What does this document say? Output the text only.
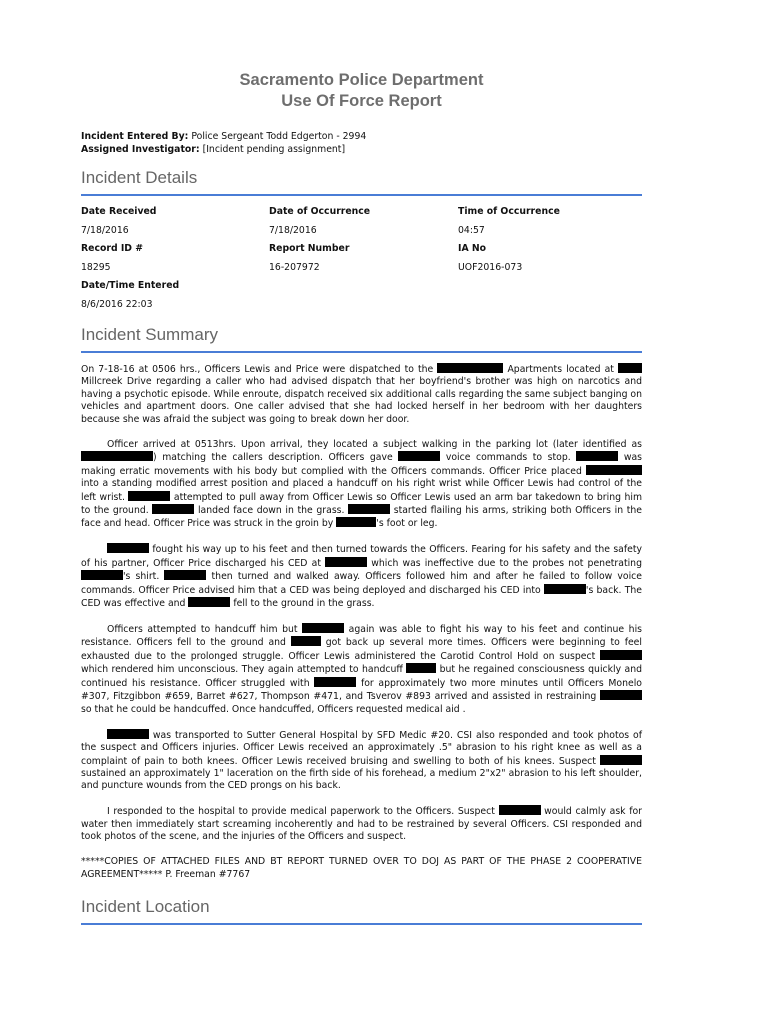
Sacramento Police Department
Use Of Force Report
Incident Entered By: Police Sergeant Todd Edgerton - 2994
Assigned Investigator: [Incident pending assignment]
Incident Details
Date Received	Date of Occurrence	Time of Occurrence
7/18/2016	7/18/2016	04:57
Record ID #	Report Number	IA No
18295	16-207972	UOF2016-073
Date/Time Entered
8/6/2016 22:03
Incident Summary

On 7-18-16 at 0506 hrs., Officers Lewis and Price were dispatched to the	Apartments located at  Millcreek Drive regarding a caller who had advised dispatch that her boyfriend's brother was high on narcotics and having a psychotic episode. While enroute, dispatch received six additional calls regarding the same subject banging on vehicles and apartment doors. One caller advised that she had locked herself in her bedroom with her daughters because she was afraid the subject was going to break down her door.

Officer arrived at 0513hrs. Upon arrival, they located a subject walking in the parking lot (later identified as ) matching the callers description. Officers gave	voice commands to stop.	was making erratic movements with his body but complied with the Officers commands. Officer Price placed  into a standing modified arrest position and placed a handcuff on his right wrist while Officer Lewis had control of the left wrist.	attempted to pull away from Officer Lewis so Officer Lewis used an arm bar takedown to bring him to the ground.	landed face down in the grass.	started flailing his arms, striking both Officers in the face and head. Officer Price was struck in the groin by	's foot or leg.

fought his way up to his feet and then turned towards the Officers. Fearing for his safety and the safety of his partner, Officer Price discharged his CED at	which was ineffective due to the probes not penetrating 's shirt.	then turned and walked away. Officers followed him and after he failed to follow voice commands. Officer Price advised him that a CED was being deployed and discharged his CED into	's back. The CED was effective and	fell to the ground in the grass.

Officers attempted to handcuff him but	again was able to fight his way to his feet and continue his resistance. Officers fell to the ground and	got back up several more times. Officers were beginning to feel exhausted due to the prolonged struggle. Officer Lewis administered the Carotid Control Hold on suspect  which rendered him unconscious. They again attempted to handcuff	but he regained consciousness quickly and continued his resistance. Officer struggled with	for approximately two more minutes until Officers Monelo #307, Fitzgibbon #659, Barret #627, Thompson #471, and Tsverov #893 arrived and assisted in restraining  so that he could be handcuffed. Once handcuffed, Officers requested medical aid .

was transported to Sutter General Hospital by SFD Medic #20. CSI also responded and took photos of the suspect and Officers injuries. Officer Lewis received an approximately .5" abrasion to his right knee as well as a complaint of pain to both knees. Officer Lewis received bruising and swelling to both of his knees. Suspect  sustained an approximately 1" laceration on the firth side of his forehead, a medium 2"x2" abrasion to his left shoulder, and puncture wounds from the CED prongs on his back.

I responded to the hospital to provide medical paperwork to the Officers. Suspect	would calmly ask for water then immediately start screaming incoherently and had to be restrained by several Officers. CSI responded and took photos of the scene, and the injuries of the Officers and suspect.

*****COPIES OF ATTACHED FILES AND BT REPORT TURNED OVER TO DOJ AS PART OF THE PHASE 2 COOPERATIVE AGREEMENT***** P. Freeman #7767
Incident Location
